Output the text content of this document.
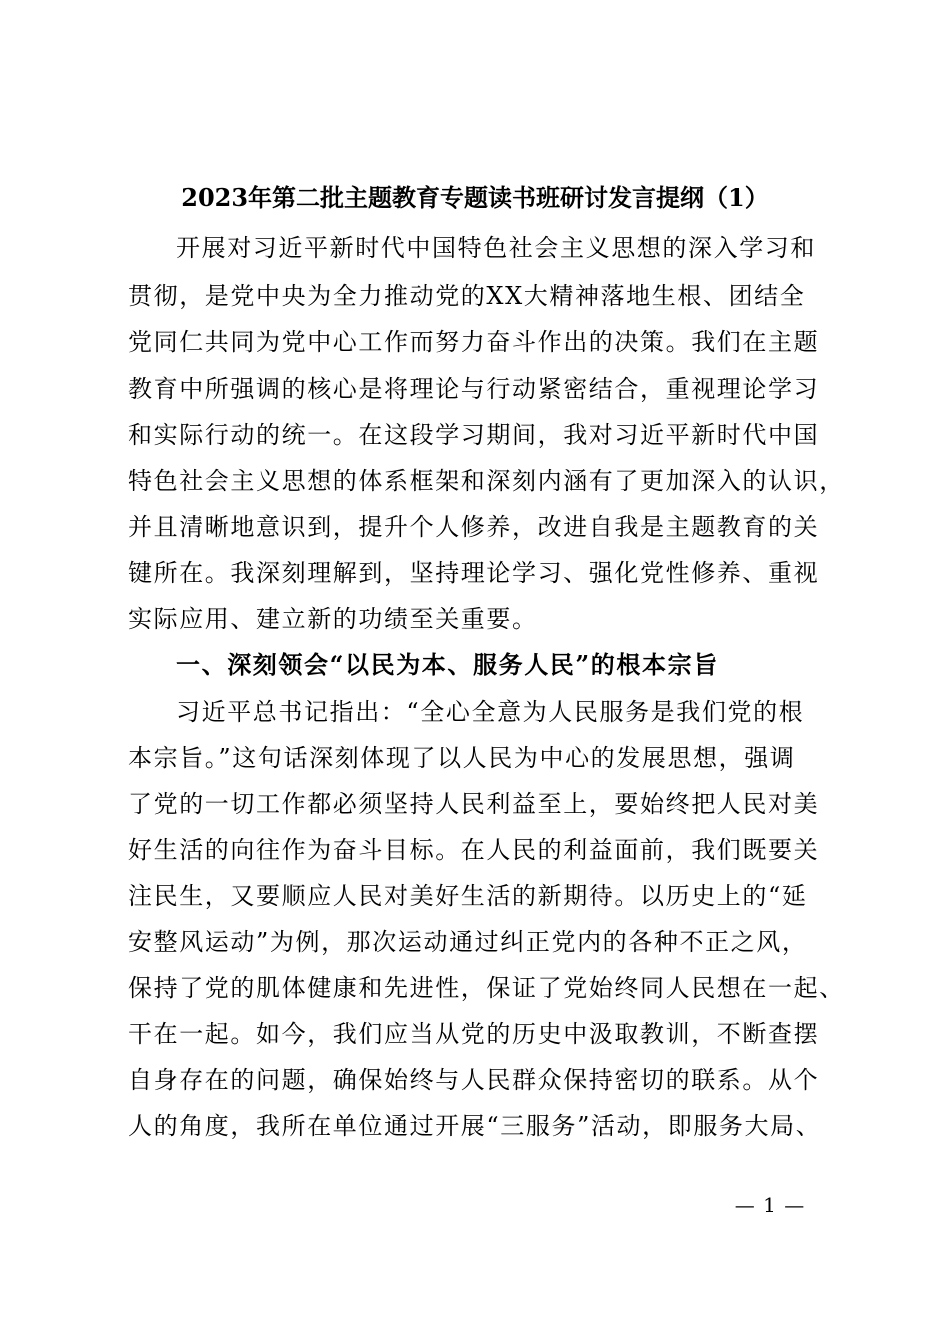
2023年第二批主题教育专题读书班研讨发言提纲（1）
开展对习近平新时代中国特色社会主义思想的深入学习和
贯彻，是党中央为全力推动党的XX大精神落地生根、团结全
党同仁共同为党中心工作而努力奋斗作出的决策。我们在主题
教育中所强调的核心是将理论与行动紧密结合，重视理论学习
和实际行动的统一。在这段学习期间，我对习近平新时代中国
特色社会主义思想的体系框架和深刻内涵有了更加深入的认识，
并且清晰地意识到，提升个人修养，改进自我是主题教育的关
键所在。我深刻理解到，坚持理论学习、强化党性修养、重视
实际应用、建立新的功绩至关重要。
一、深刻领会“以民为本、服务人民”的根本宗旨
习近平总书记指出：“全心全意为人民服务是我们党的根
本宗旨。”这句话深刻体现了以人民为中心的发展思想，强调
了党的一切工作都必须坚持人民利益至上，要始终把人民对美
好生活的向往作为奋斗目标。在人民的利益面前，我们既要关
注民生，又要顺应人民对美好生活的新期待。以历史上的“延
安整风运动”为例，那次运动通过纠正党内的各种不正之风，
保持了党的肌体健康和先进性，保证了党始终同人民想在一起、
干在一起。如今，我们应当从党的历史中汲取教训，不断查摆
自身存在的问题，确保始终与人民群众保持密切的联系。从个
人的角度，我所在单位通过开展“三服务”活动，即服务大局、
— 1 —
